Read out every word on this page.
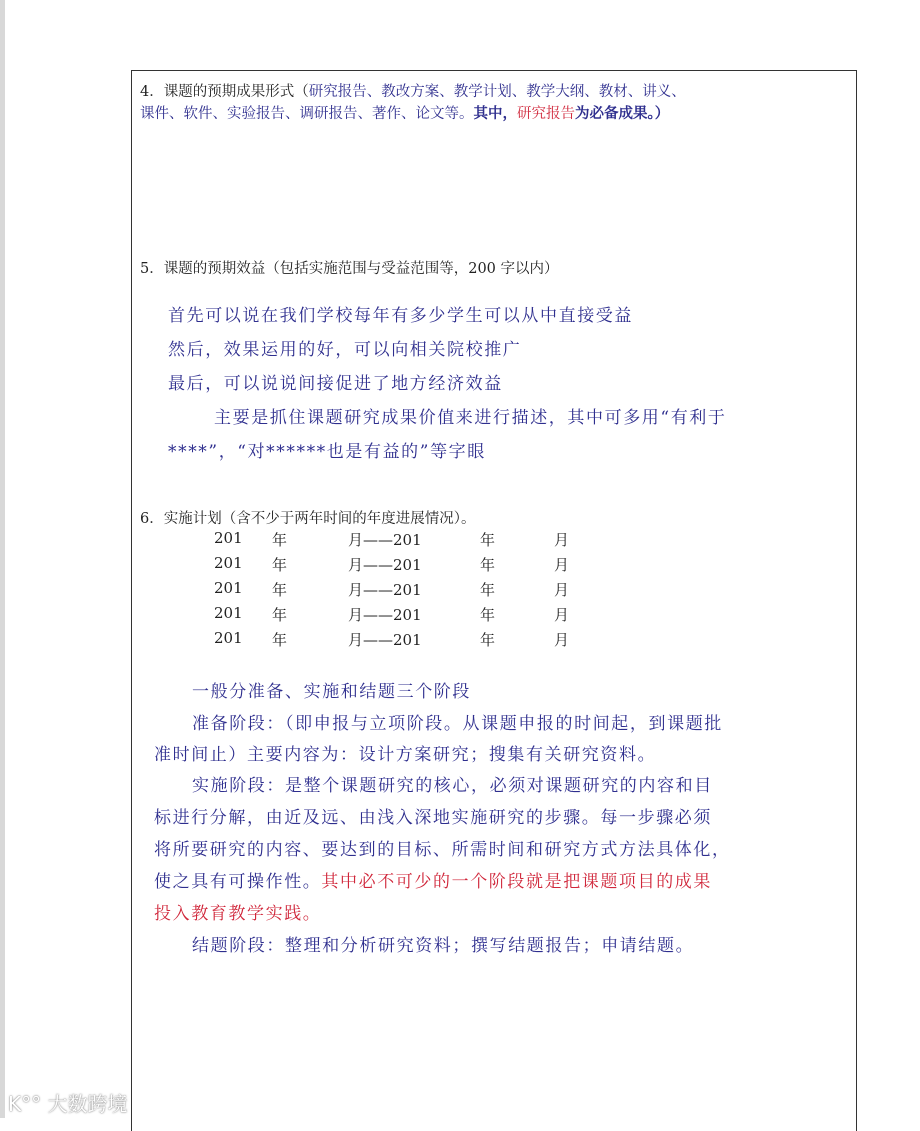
4．课题的预期成果形式（研究报告、教改方案、教学计划、教学大纲、教材、讲义、
课件、软件、实验报告、调研报告、著作、论文等。其中，研究报告为必备成果。）
5．课题的预期效益（包括实施范围与受益范围等，200 字以内）
首先可以说在我们学校每年有多少学生可以从中直接受益
然后，效果运用的好，可以向相关院校推广
最后，可以说说间接促进了地方经济效益
主要是抓住课题研究成果价值来进行描述，其中可多用“有利于
****”，“对******也是有益的”等字眼
6．实施计划（含不少于两年时间的年度进展情况）。
201 年	月——201	年	月
201 年	月——201	年	月
201 年	月——201	年	月
201 年	月——201	年	月
201 年	月——201	年	月
一般分准备、实施和结题三个阶段
准备阶段：（即申报与立项阶段。从课题申报的时间起，到课题批
准时间止）主要内容为：设计方案研究；搜集有关研究资料。
实施阶段：是整个课题研究的核心，必须对课题研究的内容和目
标进行分解，由近及远、由浅入深地实施研究的步骤。每一步骤必须
将所要研究的内容、要达到的目标、所需时间和研究方式方法具体化，
使之具有可操作性。其中必不可少的一个阶段就是把课题项目的成果
投入教育教学实践。
结题阶段：整理和分析研究资料；撰写结题报告；申请结题。
K°° 大数跨境
